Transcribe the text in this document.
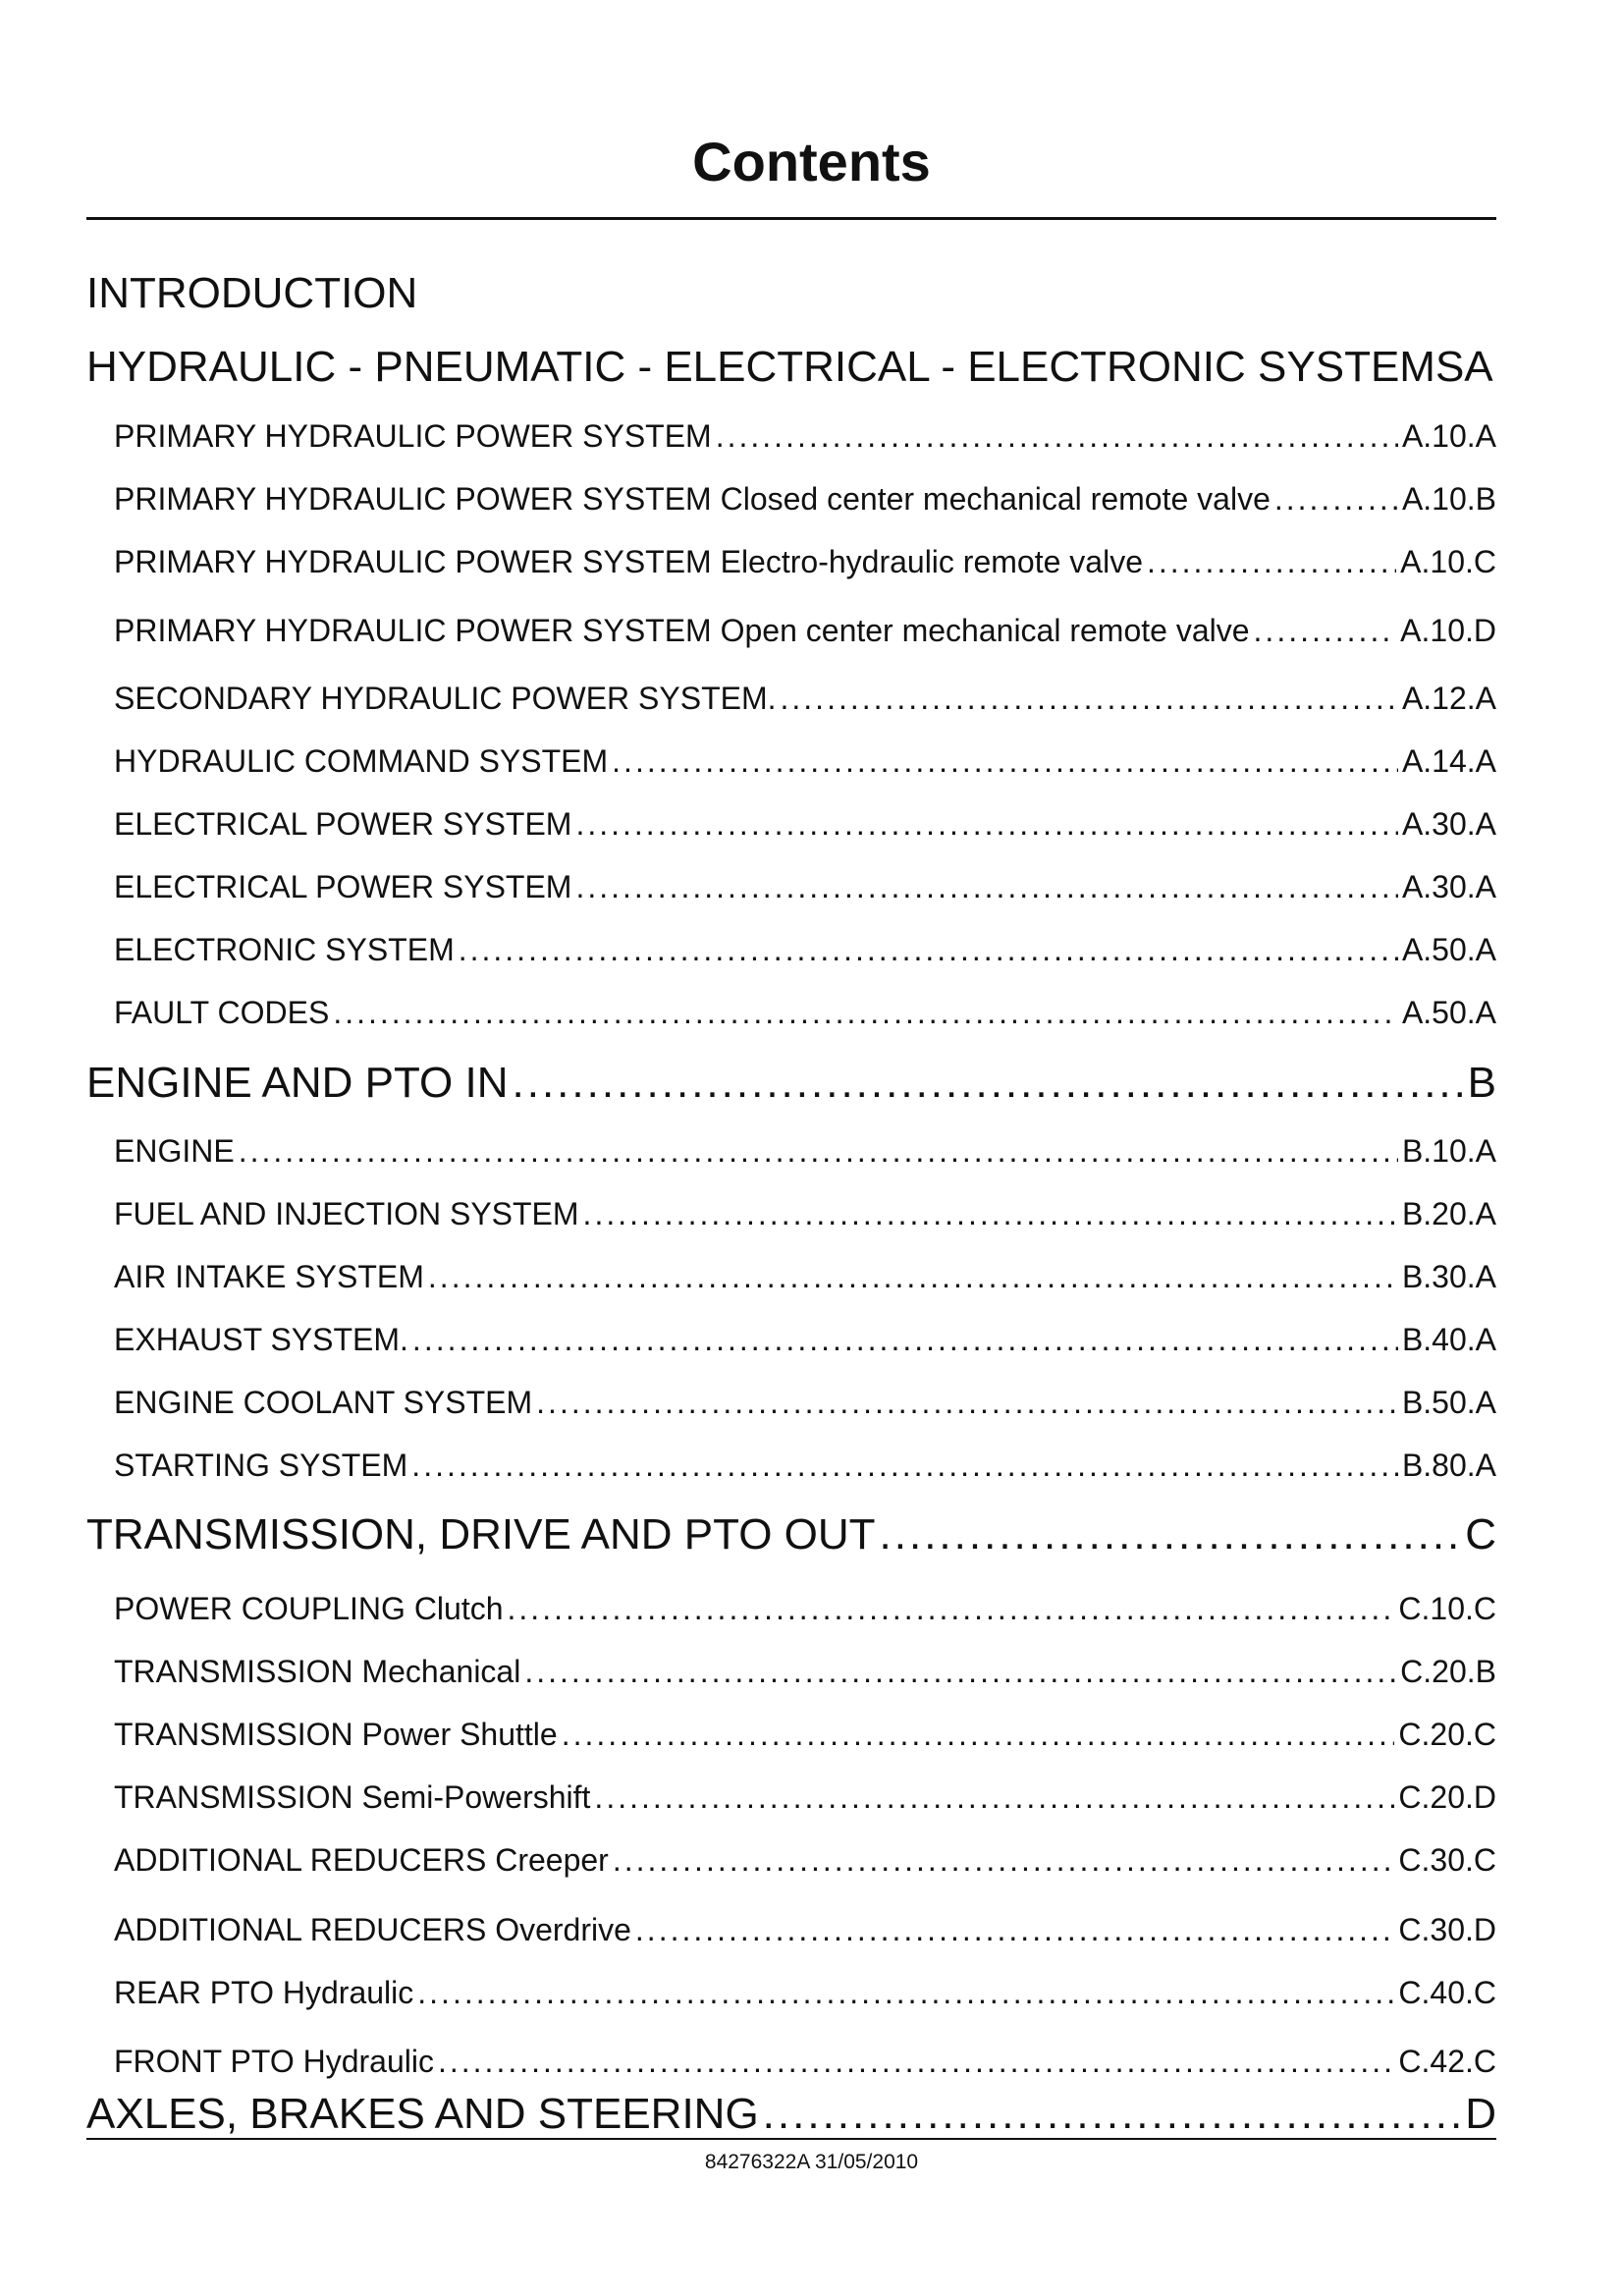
Contents
INTRODUCTION
HYDRAULIC - PNEUMATIC - ELECTRICAL - ELECTRONIC SYSTEMSA
PRIMARY HYDRAULIC POWER SYSTEM .....	A.10.A
PRIMARY HYDRAULIC POWER SYSTEM Closed center mechanical remote valve .....	A.10.B
PRIMARY HYDRAULIC POWER SYSTEM Electro-hydraulic remote valve .....	A.10.C
PRIMARY HYDRAULIC POWER SYSTEM Open center mechanical remote valve .....	A.10.D
SECONDARY HYDRAULIC POWER SYSTEM. .....	A.12.A
HYDRAULIC COMMAND SYSTEM .....	A.14.A
ELECTRICAL POWER SYSTEM .....	A.30.A
ELECTRICAL POWER SYSTEM .....	A.30.A
ELECTRONIC SYSTEM .....	A.50.A
FAULT CODES .....	A.50.A
ENGINE AND PTO IN .....	B
ENGINE .....	B.10.A
FUEL AND INJECTION SYSTEM .....	B.20.A
AIR INTAKE SYSTEM .....	B.30.A
EXHAUST SYSTEM. .....	B.40.A
ENGINE COOLANT SYSTEM .....	B.50.A
STARTING SYSTEM .....	B.80.A
TRANSMISSION, DRIVE AND PTO OUT .....	C
POWER COUPLING Clutch .....	C.10.C
TRANSMISSION Mechanical .....	C.20.B
TRANSMISSION Power Shuttle .....	C.20.C
TRANSMISSION Semi-Powershift .....	C.20.D
ADDITIONAL REDUCERS Creeper .....	C.30.C
ADDITIONAL REDUCERS Overdrive .....	C.30.D
REAR PTO Hydraulic .....	C.40.C
FRONT PTO Hydraulic .....	C.42.C
AXLES, BRAKES AND STEERING .....	D
84276322A 31/05/2010
